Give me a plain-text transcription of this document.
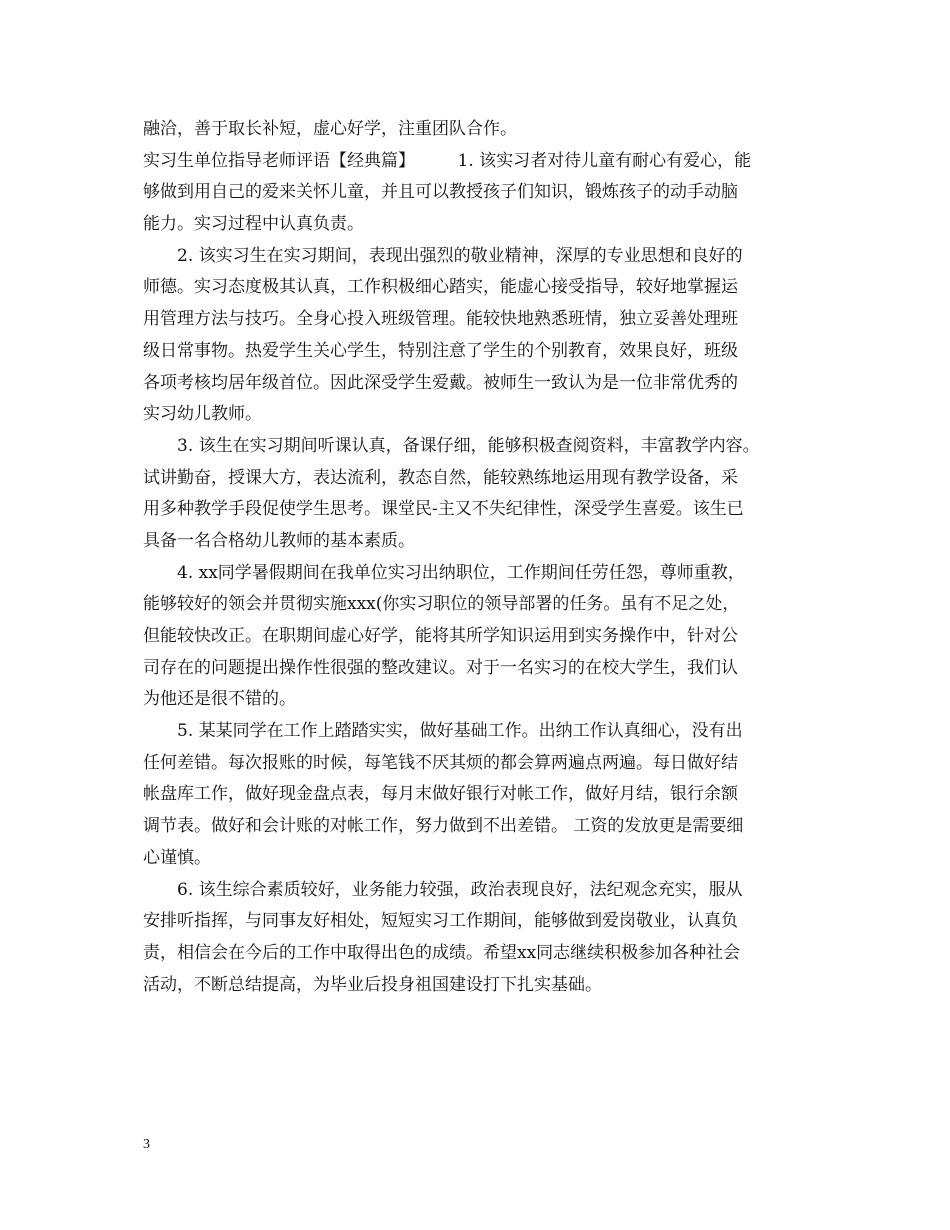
融洽，善于取长补短，虚心好学，注重团队合作。

实习生单位指导老师评语【经典篇】　　　1. 该实习者对待儿童有耐心有爱心，能
够做到用自己的爱来关怀儿童，并且可以教授孩子们知识，锻炼孩子的动手动脑
能力。实习过程中认真负责。

2. 该实习生在实习期间，表现出强烈的敬业精神，深厚的专业思想和良好的
师德。实习态度极其认真，工作积极细心踏实，能虚心接受指导，较好地掌握运
用管理方法与技巧。全身心投入班级管理。能较快地熟悉班情，独立妥善处理班
级日常事物。热爱学生关心学生，特别注意了学生的个别教育，效果良好，班级
各项考核均居年级首位。因此深受学生爱戴。被师生一致认为是一位非常优秀的
实习幼儿教师。

3. 该生在实习期间听课认真，备课仔细，能够积极查阅资料，丰富教学内容。
试讲勤奋，授课大方，表达流利，教态自然，能较熟练地运用现有教学设备，采
用多种教学手段促使学生思考。课堂民-主又不失纪律性，深受学生喜爱。该生已
具备一名合格幼儿教师的基本素质。

4. xx同学暑假期间在我单位实习出纳职位，工作期间任劳任怨，尊师重教，
能够较好的领会并贯彻实施xxx(你实习职位的领导部署的任务。虽有不足之处，
但能较快改正。在职期间虚心好学，能将其所学知识运用到实务操作中，针对公
司存在的问题提出操作性很强的整改建议。对于一名实习的在校大学生，我们认
为他还是很不错的。

5. 某某同学在工作上踏踏实实，做好基础工作。出纳工作认真细心，没有出
任何差错。每次报账的时候，每笔钱不厌其烦的都会算两遍点两遍。每日做好结
帐盘库工作，做好现金盘点表，每月末做好银行对帐工作，做好月结，银行余额
调节表。做好和会计账的对帐工作，努力做到不出差错。 工资的发放更是需要细
心谨慎。

6. 该生综合素质较好，业务能力较强，政治表现良好，法纪观念充实，服从
安排听指挥，与同事友好相处，短短实习工作期间，能够做到爱岗敬业，认真负
责，相信会在今后的工作中取得出色的成绩。希望xx同志继续积极参加各种社会
活动，不断总结提高，为毕业后投身祖国建设打下扎实基础。

3
